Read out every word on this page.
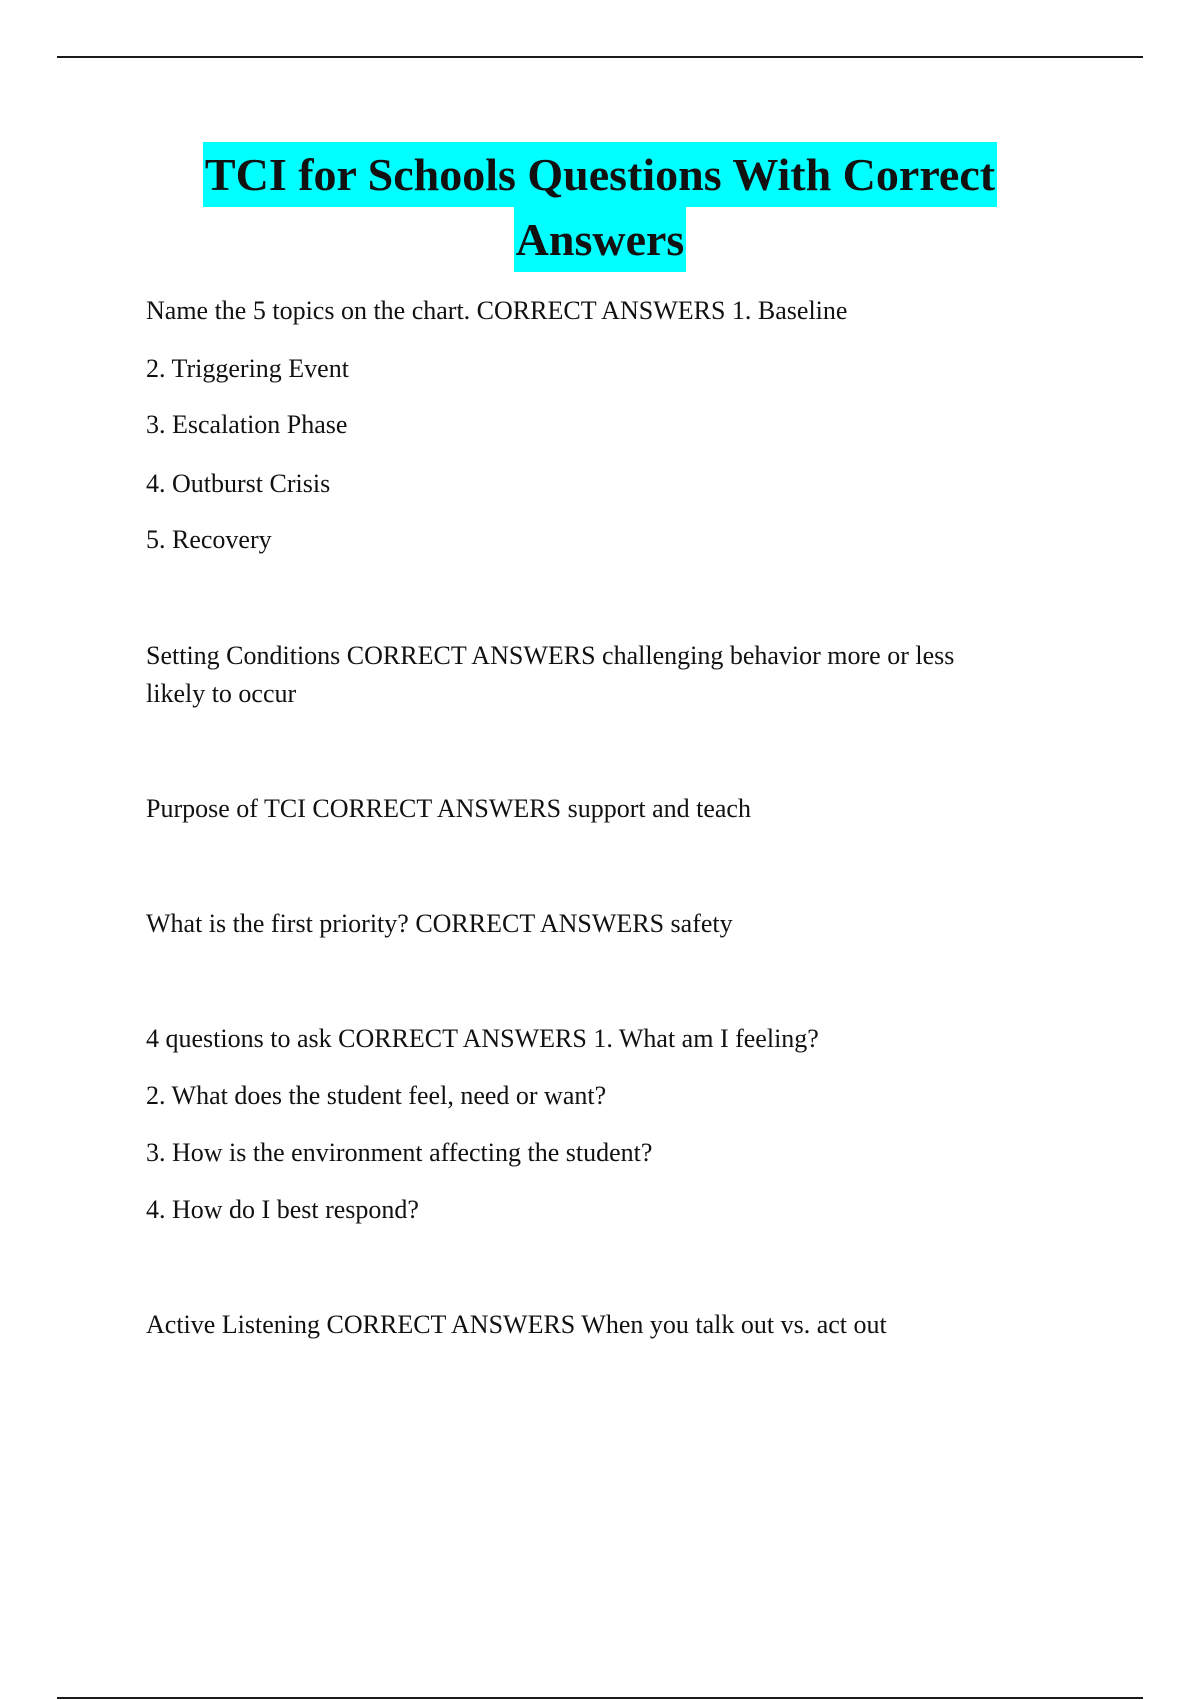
TCI for Schools Questions With Correct
Answers
Name the 5 topics on the chart. CORRECT ANSWERS 1. Baseline
2. Triggering Event
3. Escalation Phase
4. Outburst Crisis
5. Recovery
Setting Conditions CORRECT ANSWERS challenging behavior more or less
likely to occur
Purpose of TCI CORRECT ANSWERS support and teach
What is the first priority? CORRECT ANSWERS safety
4 questions to ask CORRECT ANSWERS 1. What am I feeling?
2. What does the student feel, need or want?
3. How is the environment affecting the student?
4. How do I best respond?
Active Listening CORRECT ANSWERS When you talk out vs. act out
